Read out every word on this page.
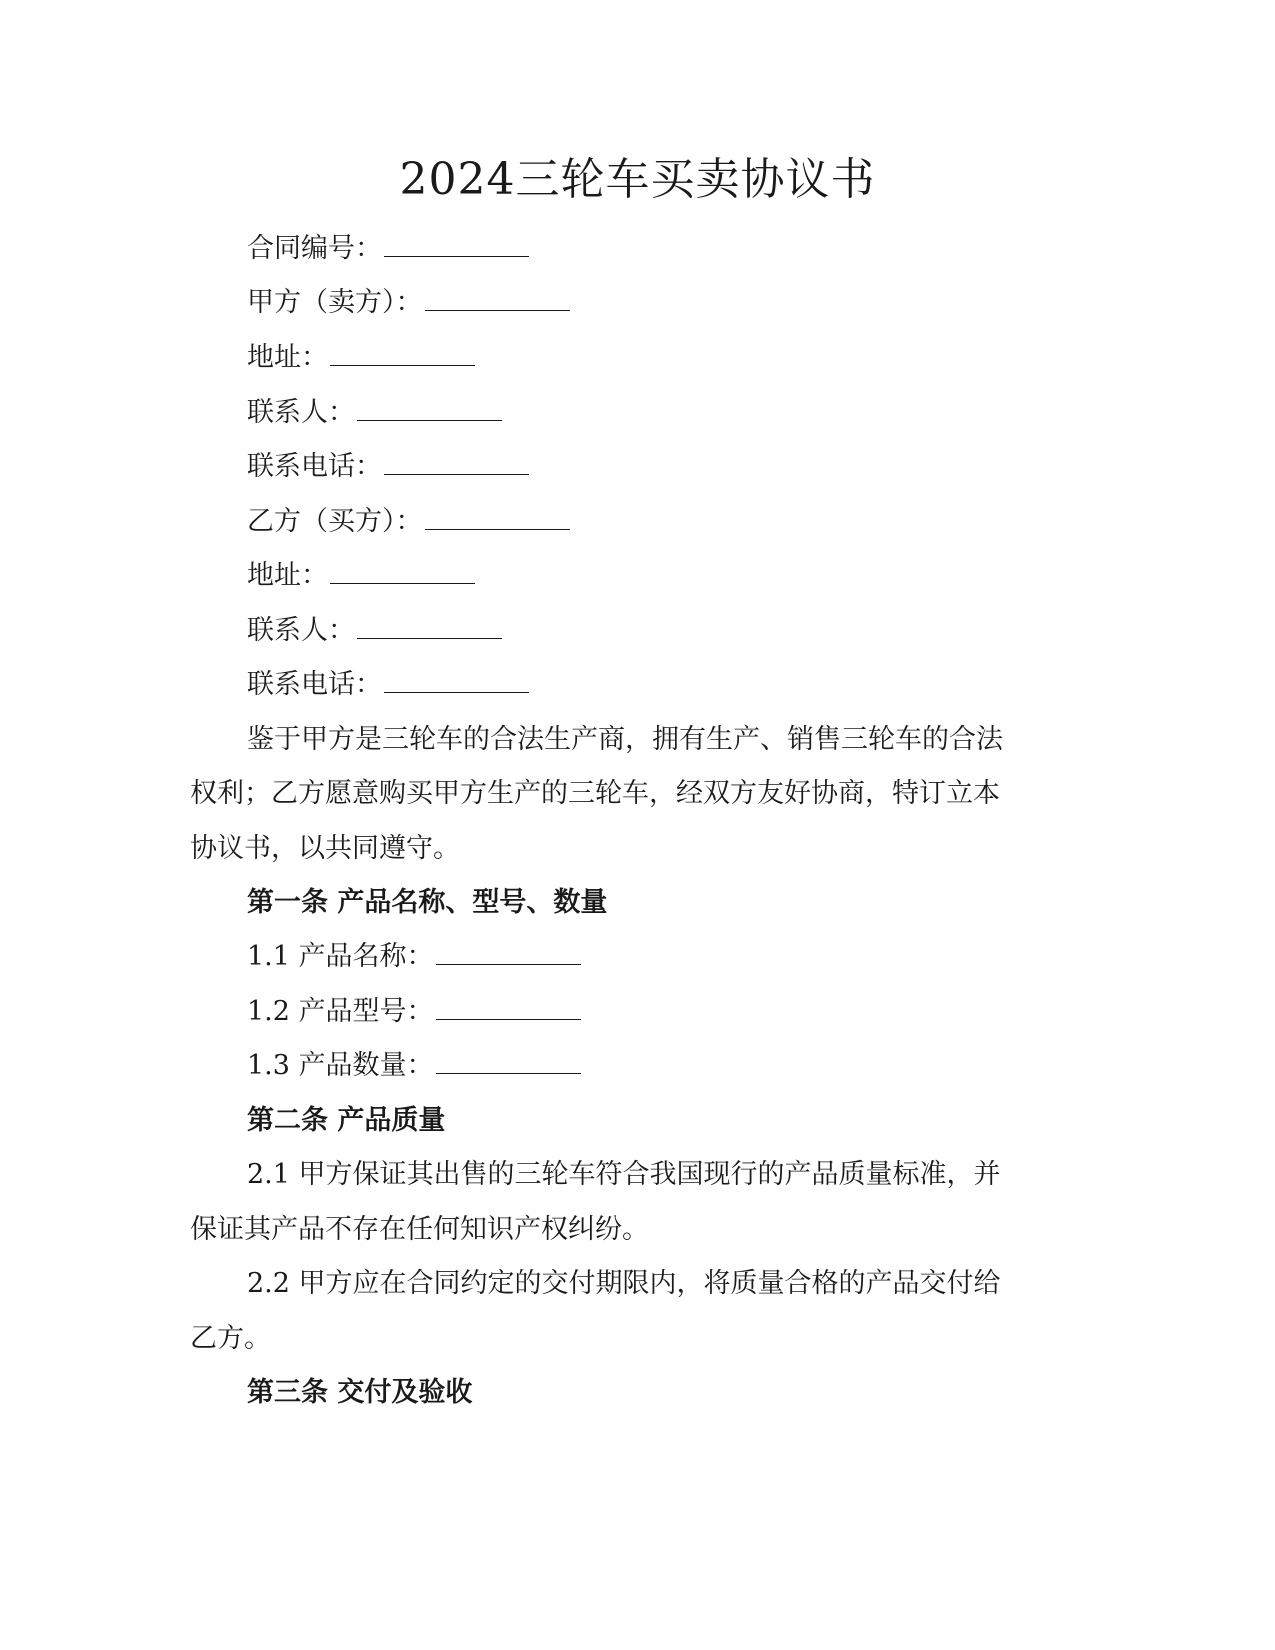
2024三轮车买卖协议书
合同编号：
甲方（卖方）：
地址：
联系人：
联系电话：
乙方（买方）：
地址：
联系人：
联系电话：
鉴于甲方是三轮车的合法生产商，拥有生产、销售三轮车的合法
权利；乙方愿意购买甲方生产的三轮车，经双方友好协商，特订立本
协议书，以共同遵守。
第一条 产品名称、型号、数量
1.1 产品名称：
1.2 产品型号：
1.3 产品数量：
第二条 产品质量
2.1 甲方保证其出售的三轮车符合我国现行的产品质量标准，并
保证其产品不存在任何知识产权纠纷。
2.2 甲方应在合同约定的交付期限内，将质量合格的产品交付给
乙方。
第三条 交付及验收
